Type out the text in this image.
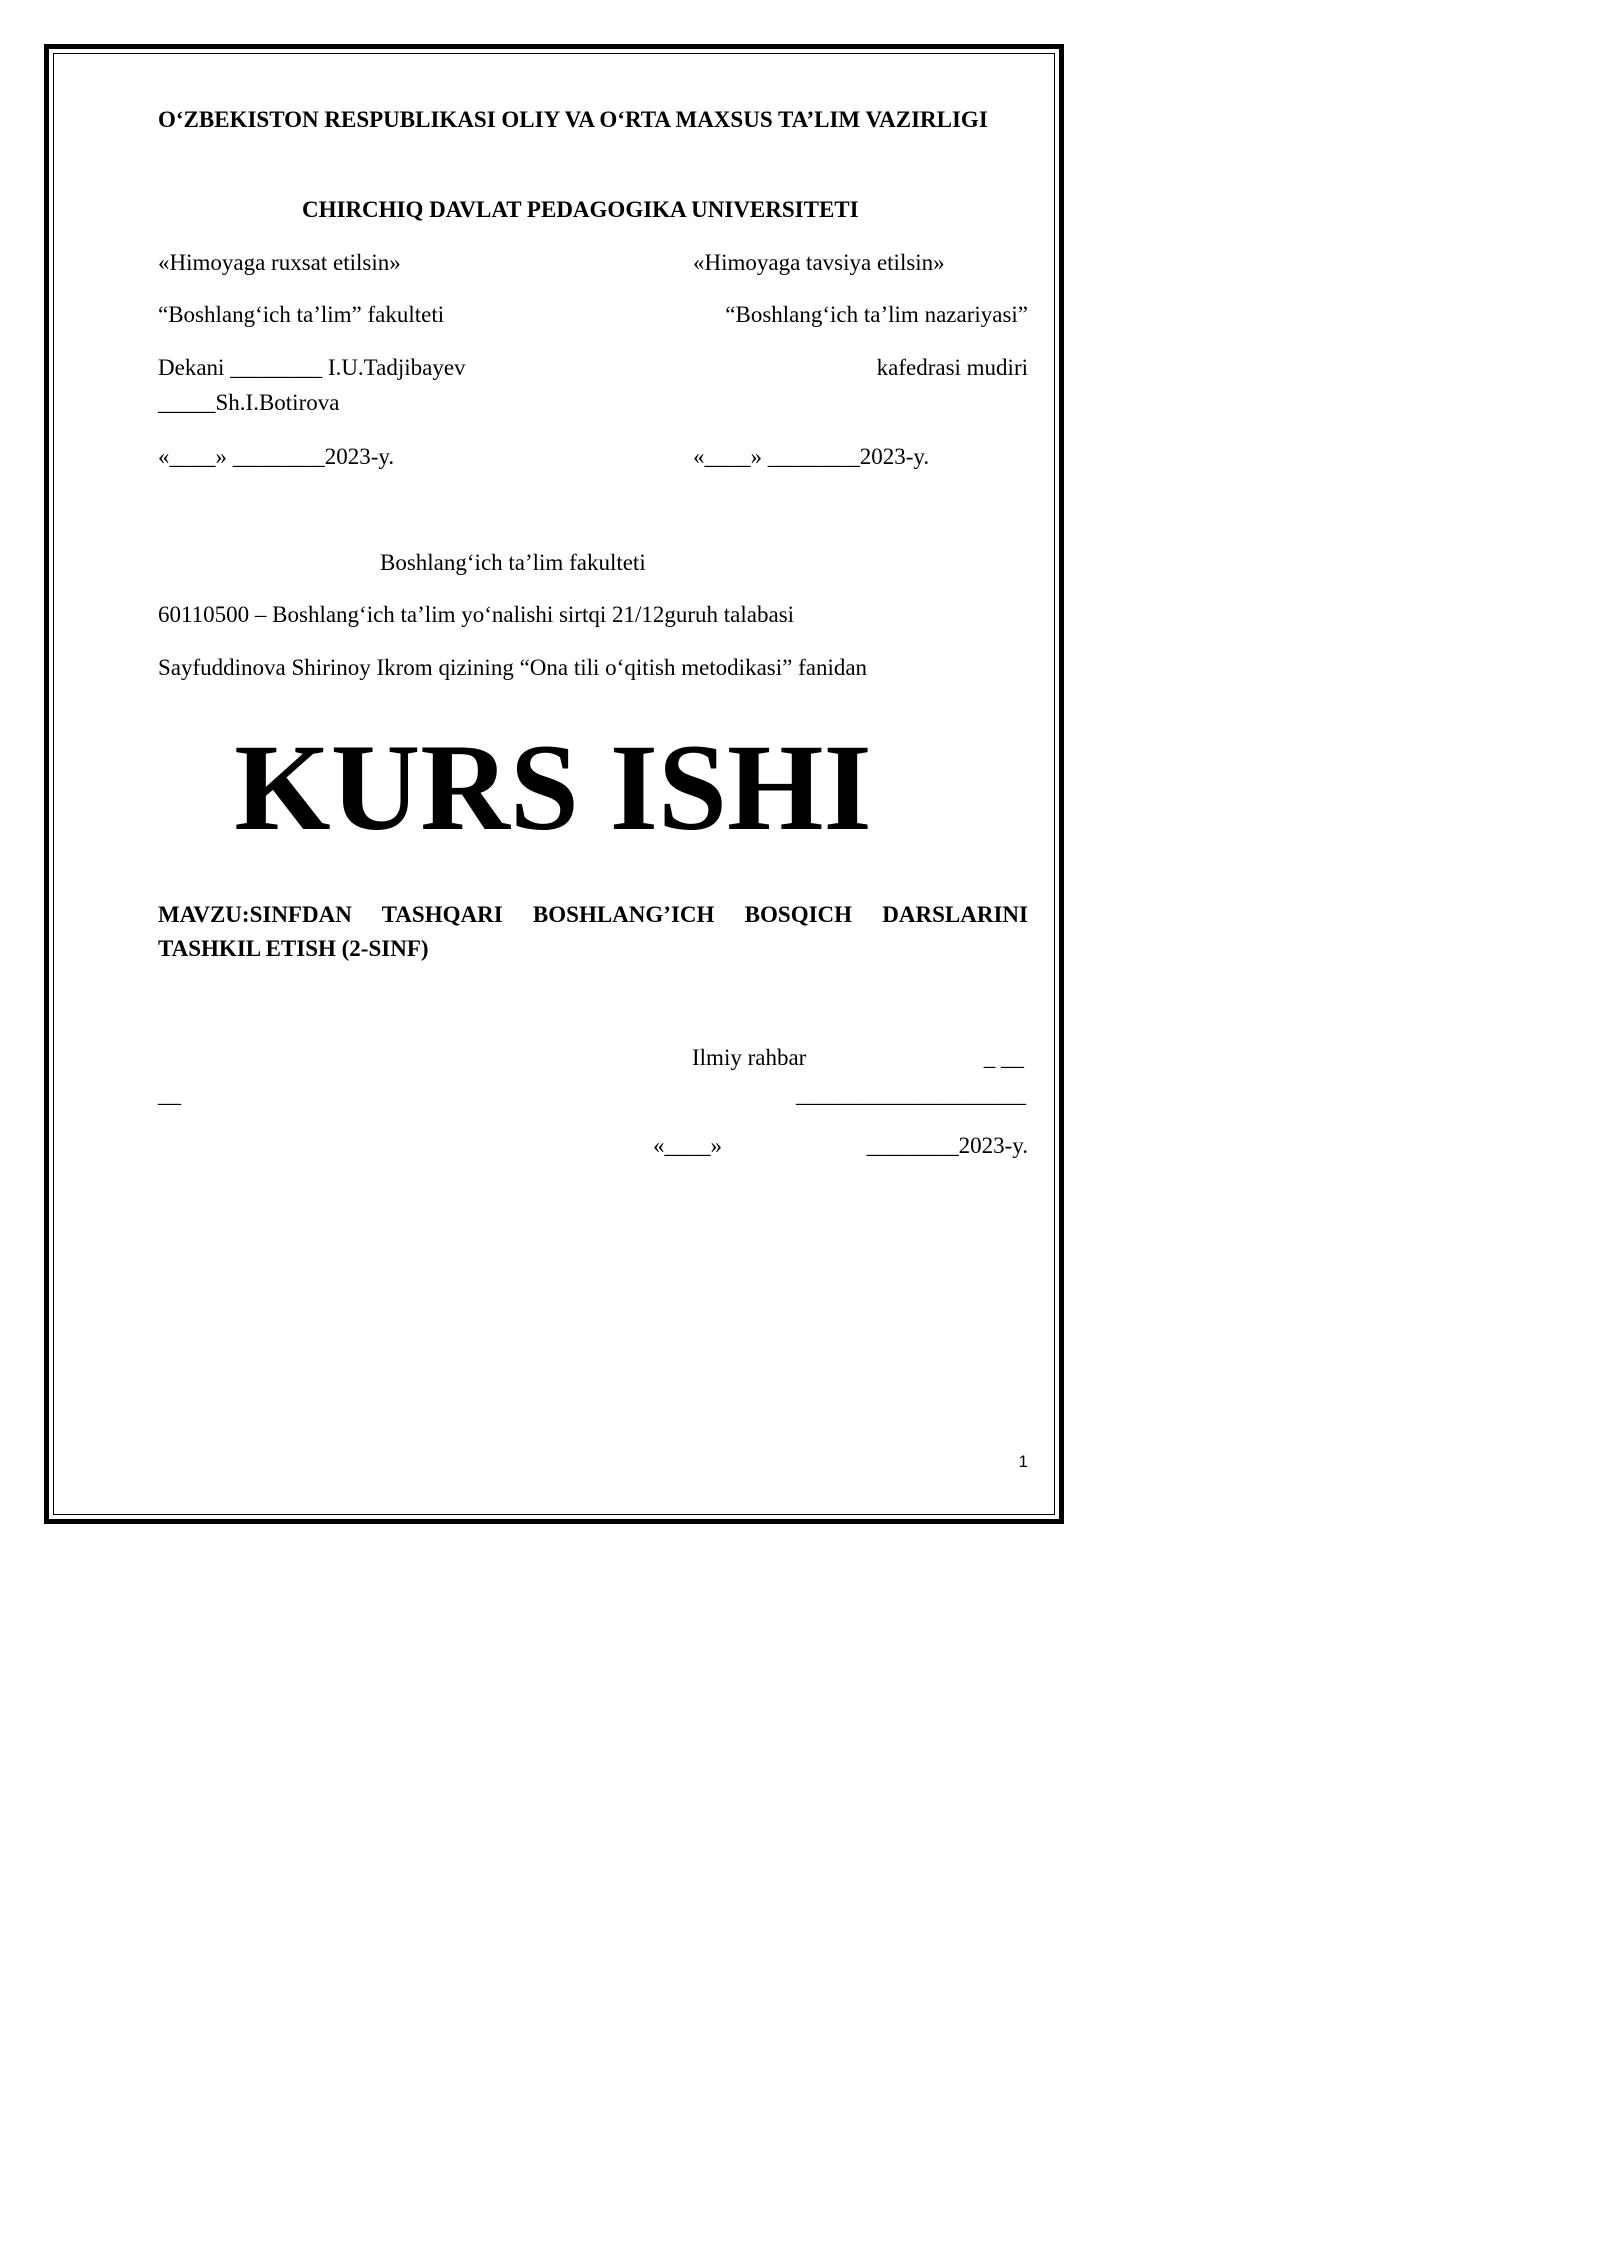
O‘ZBEKISTON RESPUBLIKASI OLIY VA O‘RTA MAXSUS TA’LIM VAZIRLIGI
CHIRCHIQ DAVLAT PEDAGOGIKA UNIVERSITETI
«Himoyaga ruxsat etilsin»	«Himoyaga tavsiya etilsin»
“Boshlang‘ich ta’lim” fakulteti	“Boshlang‘ich ta’lim nazariyasi”
Dekani ________ I.U.Tadjibayev	kafedrasi mudiri
_____Sh.I.Botirova
«____» ________2023-y.	«____» ________2023-y.
Boshlang‘ich ta’lim fakulteti
60110500 – Boshlang‘ich ta’lim yo‘nalishi sirtqi 21/12guruh talabasi
Sayfuddinova Shirinoy Ikrom qizining “Ona tili o‘qitish metodikasi” fanidan
KURS ISHI
MAVZU:SINFDAN TASHQARI BOSHLANG’ICH BOSQICH DARSLARINI TASHKIL ETISH (2-SINF)
Ilmiy rahbar	_ __
__	____________________
«____»	________2023-y.
1
